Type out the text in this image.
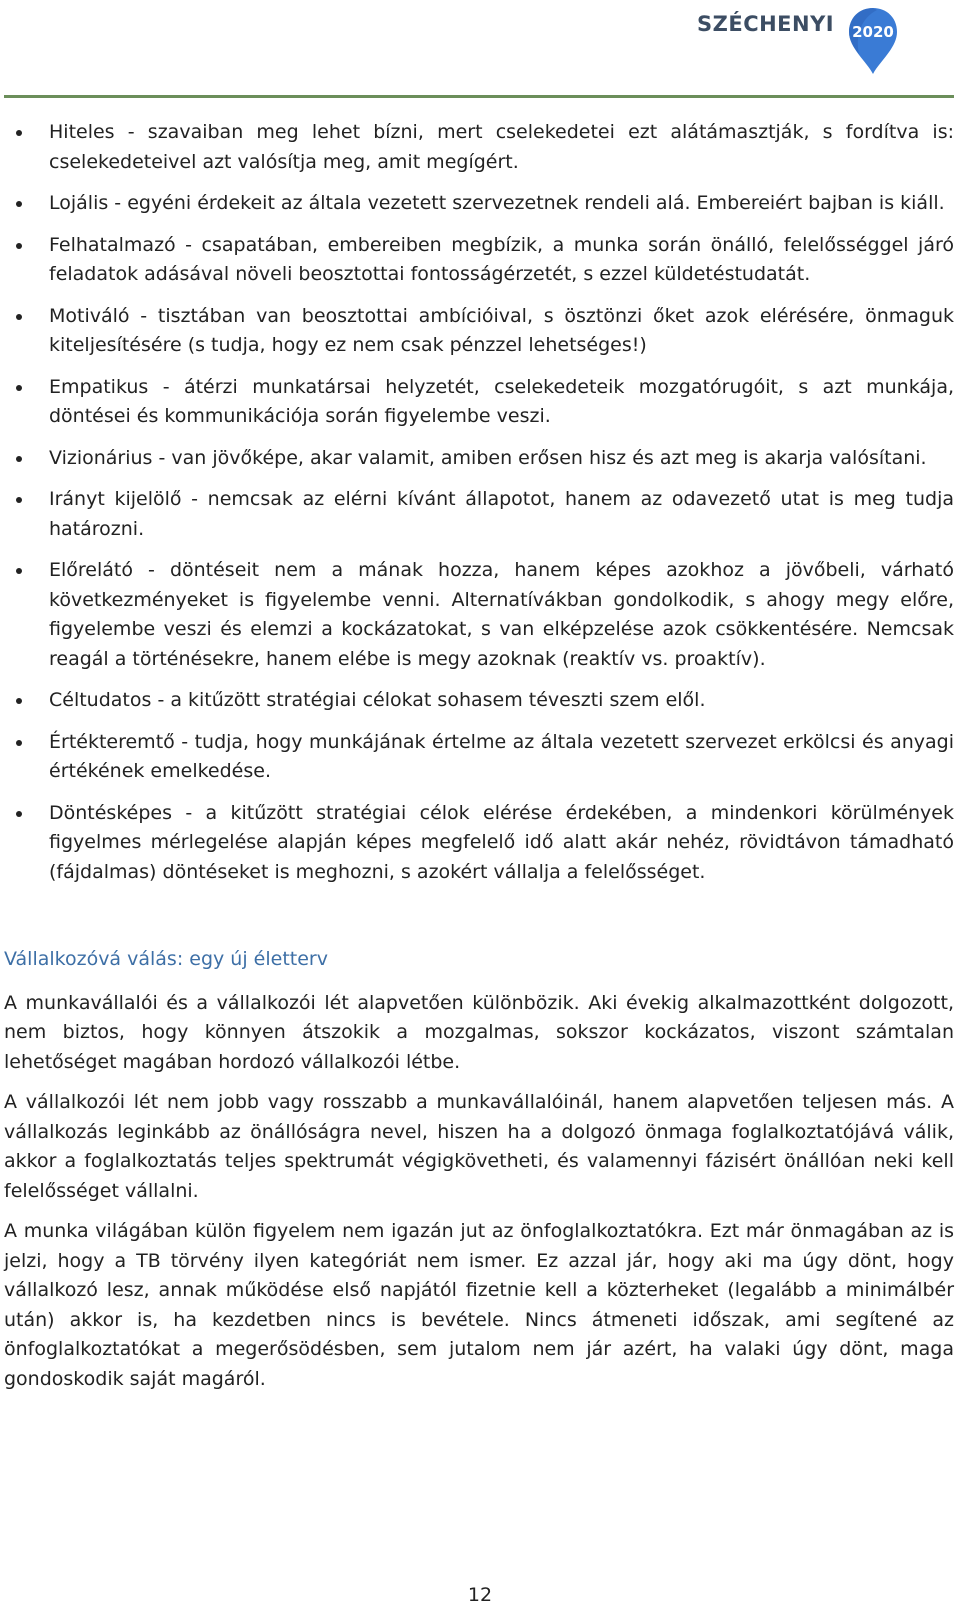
SZÉCHENYI 2020
Hiteles - szavaiban meg lehet bízni, mert cselekedetei ezt alátámasztják, s fordítva is: cselekedeteivel azt valósítja meg, amit megígért.
Lojális - egyéni érdekeit az általa vezetett szervezetnek rendeli alá. Embereiért bajban is kiáll.
Felhatalmazó - csapatában, embereiben megbízik, a munka során önálló, felelősséggel járó feladatok adásával növeli beosztottai fontosságérzetét, s ezzel küldetéstudatát.
Motiváló - tisztában van beosztottai ambícióival, s ösztönzi őket azok elérésére, önmaguk kiteljesítésére (s tudja, hogy ez nem csak pénzzel lehetséges!)
Empatikus - átérzi munkatársai helyzetét, cselekedeteik mozgatórugóit, s azt munkája, döntései és kommunikációja során figyelembe veszi.
Vizionárius - van jövőképe, akar valamit, amiben erősen hisz és azt meg is akarja valósítani.
Irányt kijelölő - nemcsak az elérni kívánt állapotot, hanem az odavezető utat is meg tudja határozni.
Előrelátó - döntéseit nem a mának hozza, hanem képes azokhoz a jövőbeli, várható következményeket is figyelembe venni. Alternatívákban gondolkodik, s ahogy megy előre, figyelembe veszi és elemzi a kockázatokat, s van elképzelése azok csökkentésére. Nemcsak reagál a történésekre, hanem elébe is megy azoknak (reaktív vs. proaktív).
Céltudatos - a kitűzött stratégiai célokat sohasem téveszti szem elől.
Értékteremtő - tudja, hogy munkájának értelme az általa vezetett szervezet erkölcsi és anyagi értékének emelkedése.
Döntésképes - a kitűzött stratégiai célok elérése érdekében, a mindenkori körülmények figyelmes mérlegelése alapján képes megfelelő idő alatt akár nehéz, rövidtávon támadható (fájdalmas) döntéseket is meghozni, s azokért vállalja a felelősséget.
Vállalkozóvá válás: egy új életterv

A munkavállalói és a vállalkozói lét alapvetően különbözik. Aki évekig alkalmazottként dolgozott, nem biztos, hogy könnyen átszokik a mozgalmas, sokszor kockázatos, viszont számtalan lehetőséget magában hordozó vállalkozói létbe.

A vállalkozói lét nem jobb vagy rosszabb a munkavállalóinál, hanem alapvetően teljesen más. A vállalkozás leginkább az önállóságra nevel, hiszen ha a dolgozó önmaga foglalkoztatójává válik, akkor a foglalkoztatás teljes spektrumát végigkövetheti, és valamennyi fázisért önállóan neki kell felelősséget vállalni.

A munka világában külön figyelem nem igazán jut az önfoglalkoztatókra. Ezt már önmagában az is jelzi, hogy a TB törvény ilyen kategóriát nem ismer. Ez azzal jár, hogy aki ma úgy dönt, hogy vállalkozó lesz, annak működése első napjától fizetnie kell a közterheket (legalább a minimálbér után) akkor is, ha kezdetben nincs is bevétele. Nincs átmeneti időszak, ami segítené az önfoglalkoztatókat a megerősödésben, sem jutalom nem jár azért, ha valaki úgy dönt, maga gondoskodik saját magáról.

12
